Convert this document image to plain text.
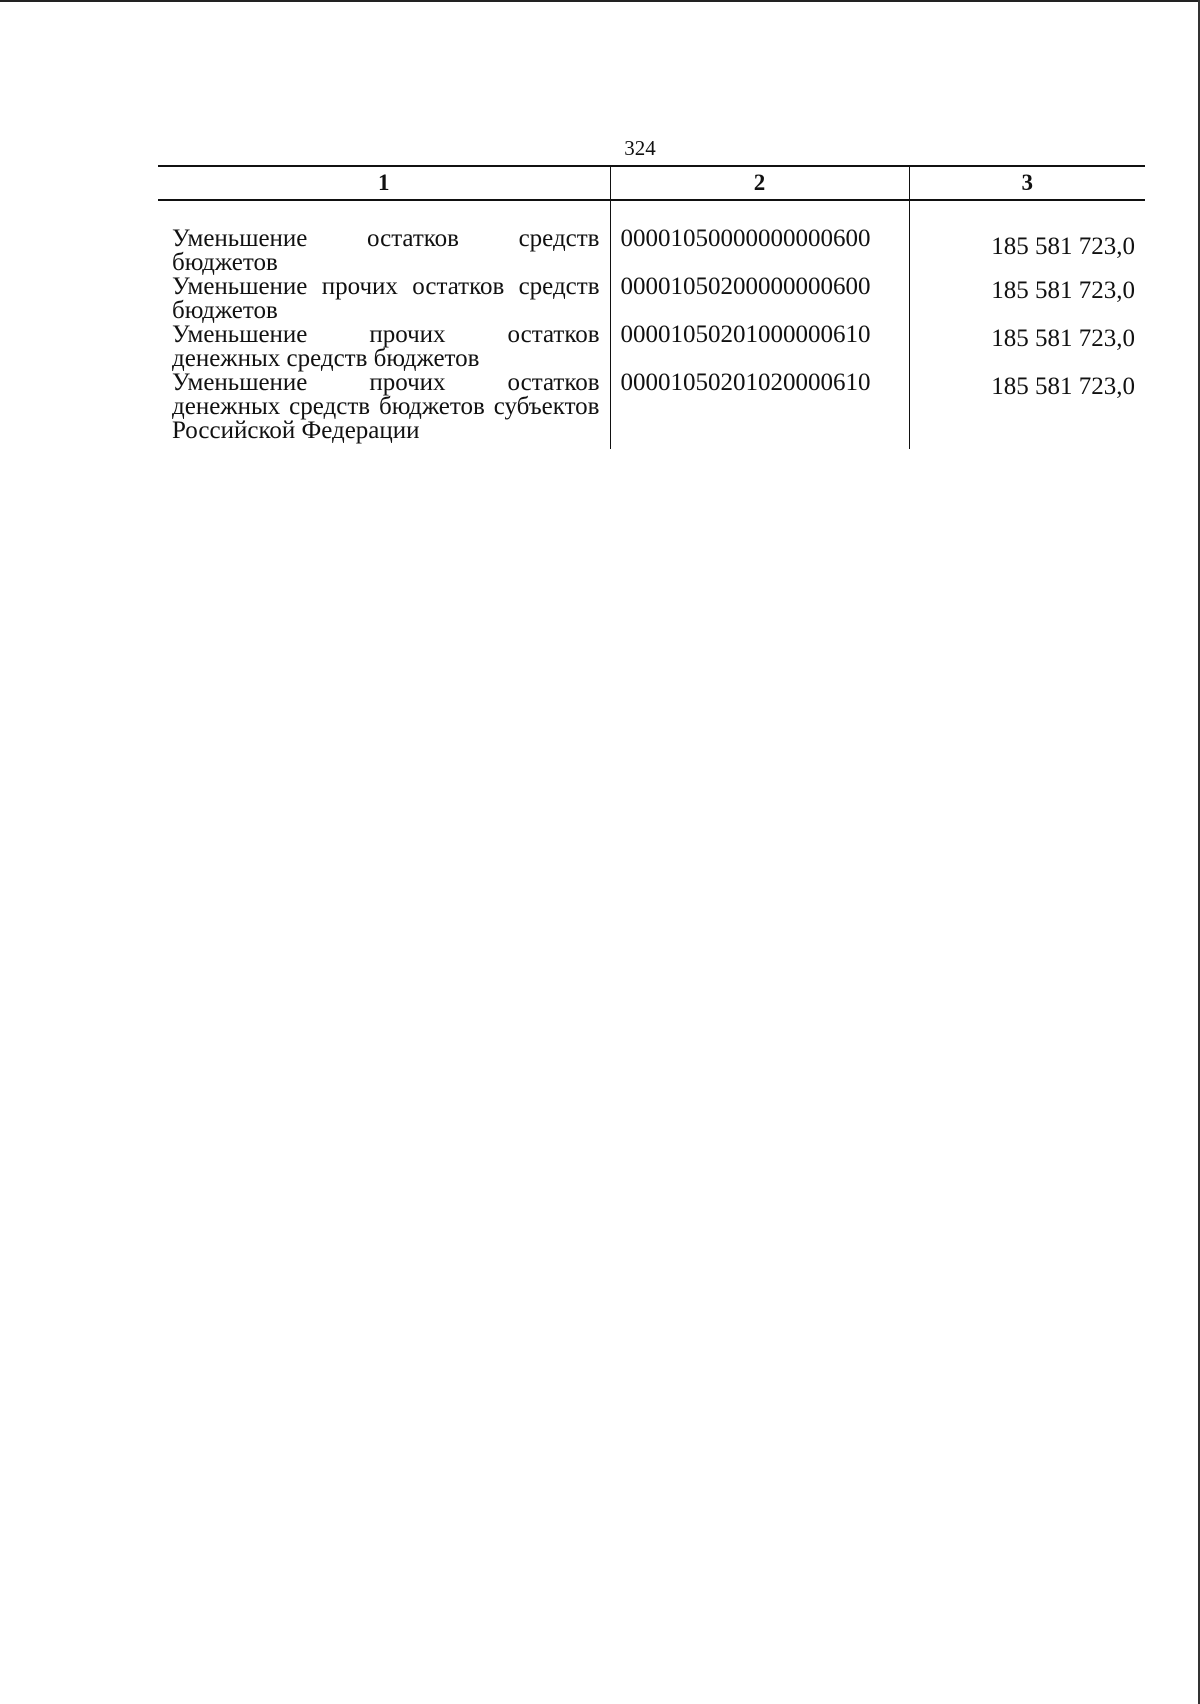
324
1	2	3
Уменьшение остатков средств бюджетов	00001050000000000600	185 581 723,0
Уменьшение прочих остатков средств бюджетов	00001050200000000600	185 581 723,0
Уменьшение прочих остатков денежных средств бюджетов	00001050201000000610	185 581 723,0
Уменьшение прочих остатков денежных средств бюджетов субъектов Российской Федерации	00001050201020000610	185 581 723,0
